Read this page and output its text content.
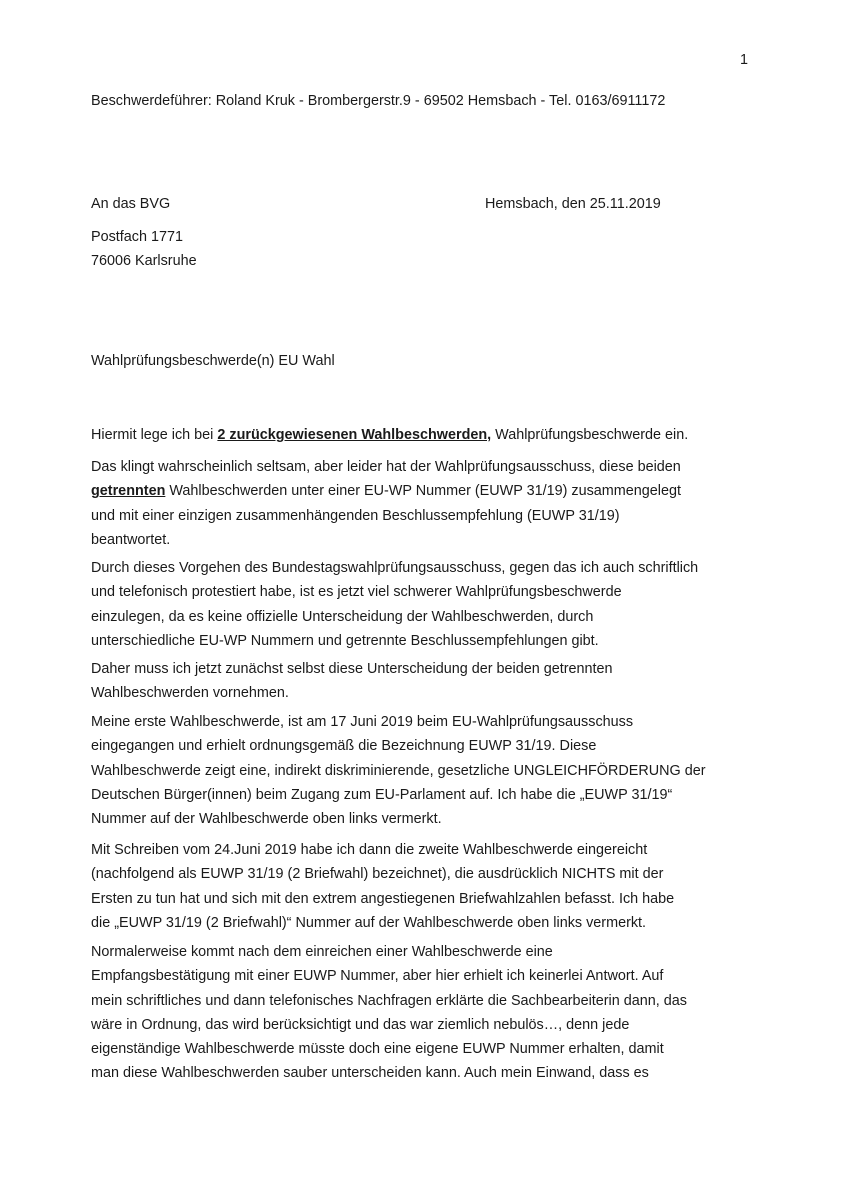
1

Beschwerdeführer: Roland Kruk - Brombergerstr.9 - 69502 Hemsbach - Tel. 0163/6911172

An das BVG	Hemsbach, den 25.11.2019

Postfach 1771

76006 Karlsruhe

Wahlprüfungsbeschwerde(n) EU Wahl

Hiermit lege ich bei 2 zurückgewiesenen Wahlbeschwerden, Wahlprüfungsbeschwerde ein.

Das klingt wahrscheinlich seltsam, aber leider hat der Wahlprüfungsausschuss, diese beiden
getrennten Wahlbeschwerden unter einer EU-WP Nummer (EUWP 31/19) zusammengelegt
und mit einer einzigen zusammenhängenden Beschlussempfehlung (EUWP 31/19)
beantwortet.

Durch dieses Vorgehen des Bundestagswahlprüfungsausschuss, gegen das ich auch schriftlich
und telefonisch protestiert habe, ist es jetzt viel schwerer Wahlprüfungsbeschwerde
einzulegen, da es keine offizielle Unterscheidung der Wahlbeschwerden, durch
unterschiedliche EU-WP Nummern und getrennte Beschlussempfehlungen gibt.

Daher muss ich jetzt zunächst selbst diese Unterscheidung der beiden getrennten
Wahlbeschwerden vornehmen.

Meine erste Wahlbeschwerde, ist am 17 Juni 2019 beim EU-Wahlprüfungsausschuss
eingegangen und erhielt ordnungsgemäß die Bezeichnung EUWP 31/19. Diese
Wahlbeschwerde zeigt eine, indirekt diskriminierende, gesetzliche UNGLEICHFÖRDERUNG der
Deutschen Bürger(innen) beim Zugang zum EU-Parlament auf. Ich habe die „EUWP 31/19“
Nummer auf der Wahlbeschwerde oben links vermerkt.

Mit Schreiben vom 24.Juni 2019 habe ich dann die zweite Wahlbeschwerde eingereicht
(nachfolgend als EUWP 31/19 (2 Briefwahl) bezeichnet), die ausdrücklich NICHTS mit der
Ersten zu tun hat und sich mit den extrem angestiegenen Briefwahlzahlen befasst. Ich habe
die „EUWP 31/19 (2 Briefwahl)“ Nummer auf der Wahlbeschwerde oben links vermerkt.

Normalerweise kommt nach dem einreichen einer Wahlbeschwerde eine
Empfangsbestätigung mit einer EUWP Nummer, aber hier erhielt ich keinerlei Antwort. Auf
mein schriftliches und dann telefonisches Nachfragen erklärte die Sachbearbeiterin dann, das
wäre in Ordnung, das wird berücksichtigt und das war ziemlich nebulös…, denn jede
eigenständige Wahlbeschwerde müsste doch eine eigene EUWP Nummer erhalten, damit
man diese Wahlbeschwerden sauber unterscheiden kann. Auch mein Einwand, dass es
